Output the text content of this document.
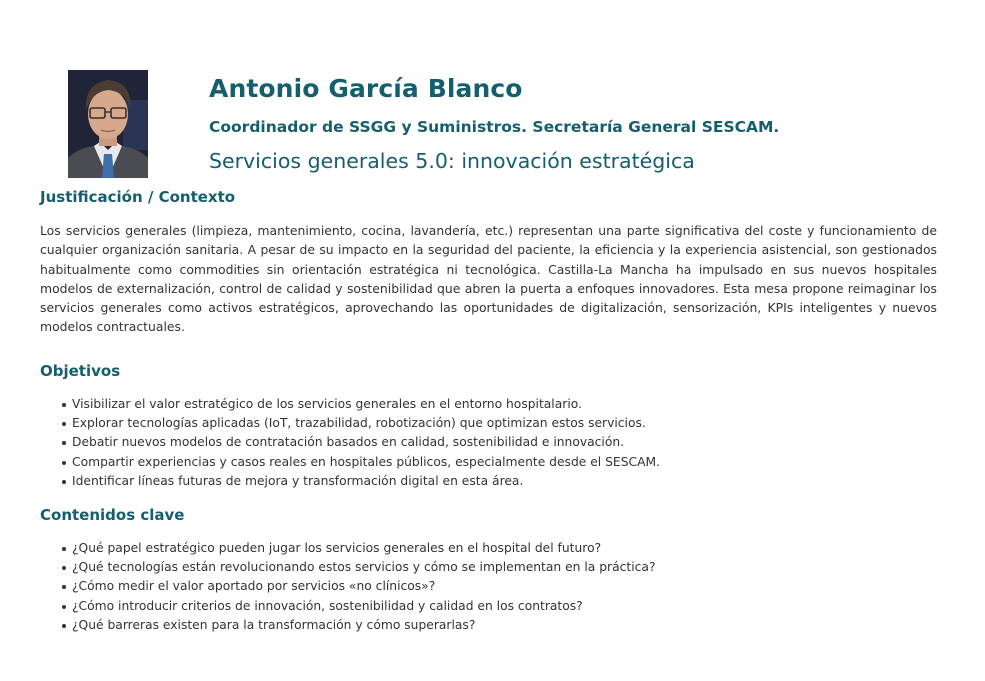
Antonio García Blanco
Coordinador de SSGG y Suministros. Secretaría General SESCAM.
Servicios generales 5.0: innovación estratégica
Justificación / Contexto

Los servicios generales (limpieza, mantenimiento, cocina, lavandería, etc.) representan una parte significativa del coste y funcionamiento de cualquier organización sanitaria. A pesar de su impacto en la seguridad del paciente, la eficiencia y la experiencia asistencial, son gestionados habitualmente como commodities sin orientación estratégica ni tecnológica. Castilla-La Mancha ha impulsado en sus nuevos hospitales modelos de externalización, control de calidad y sostenibilidad que abren la puerta a enfoques innovadores. Esta mesa propone reimaginar los servicios generales como activos estratégicos, aprovechando las oportunidades de digitalización, sensorización, KPIs inteligentes y nuevos modelos contractuales.

Objetivos
Visibilizar el valor estratégico de los servicios generales en el entorno hospitalario.
Explorar tecnologías aplicadas (IoT, trazabilidad, robotización) que optimizan estos servicios.
Debatir nuevos modelos de contratación basados en calidad, sostenibilidad e innovación.
Compartir experiencias y casos reales en hospitales públicos, especialmente desde el SESCAM.
Identificar líneas futuras de mejora y transformación digital en esta área.
Contenidos clave
¿Qué papel estratégico pueden jugar los servicios generales en el hospital del futuro?
¿Qué tecnologías están revolucionando estos servicios y cómo se implementan en la práctica?
¿Cómo medir el valor aportado por servicios «no clínicos»?
¿Cómo introducir criterios de innovación, sostenibilidad y calidad en los contratos?
¿Qué barreras existen para la transformación y cómo superarlas?
